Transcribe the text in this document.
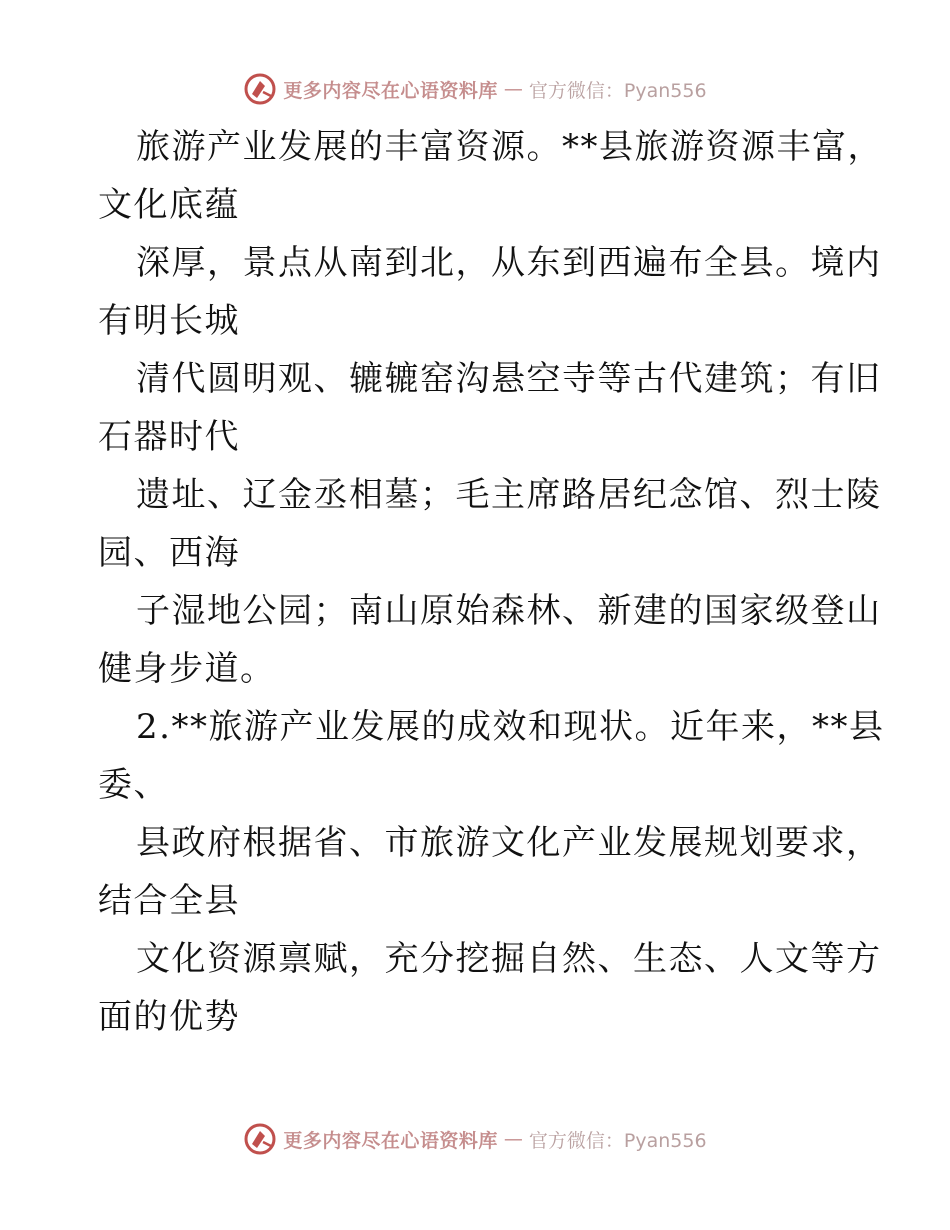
更多内容尽在心语资料库 — 官方微信：Pyan556

旅游产业发展的丰富资源。**县旅游资源丰富，
文化底蕴

深厚，景点从南到北，从东到西遍布全县。境内
有明长城

清代圆明观、辘辘窑沟悬空寺等古代建筑；有旧
石器时代

遗址、辽金丞相墓；毛主席路居纪念馆、烈士陵
园、西海

子湿地公园；南山原始森林、新建的国家级登山
健身步道。

2.**旅游产业发展的成效和现状。近年来，**县
委、

县政府根据省、市旅游文化产业发展规划要求，
结合全县

文化资源禀赋，充分挖掘自然、生态、人文等方
面的优势

更多内容尽在心语资料库 — 官方微信：Pyan556
